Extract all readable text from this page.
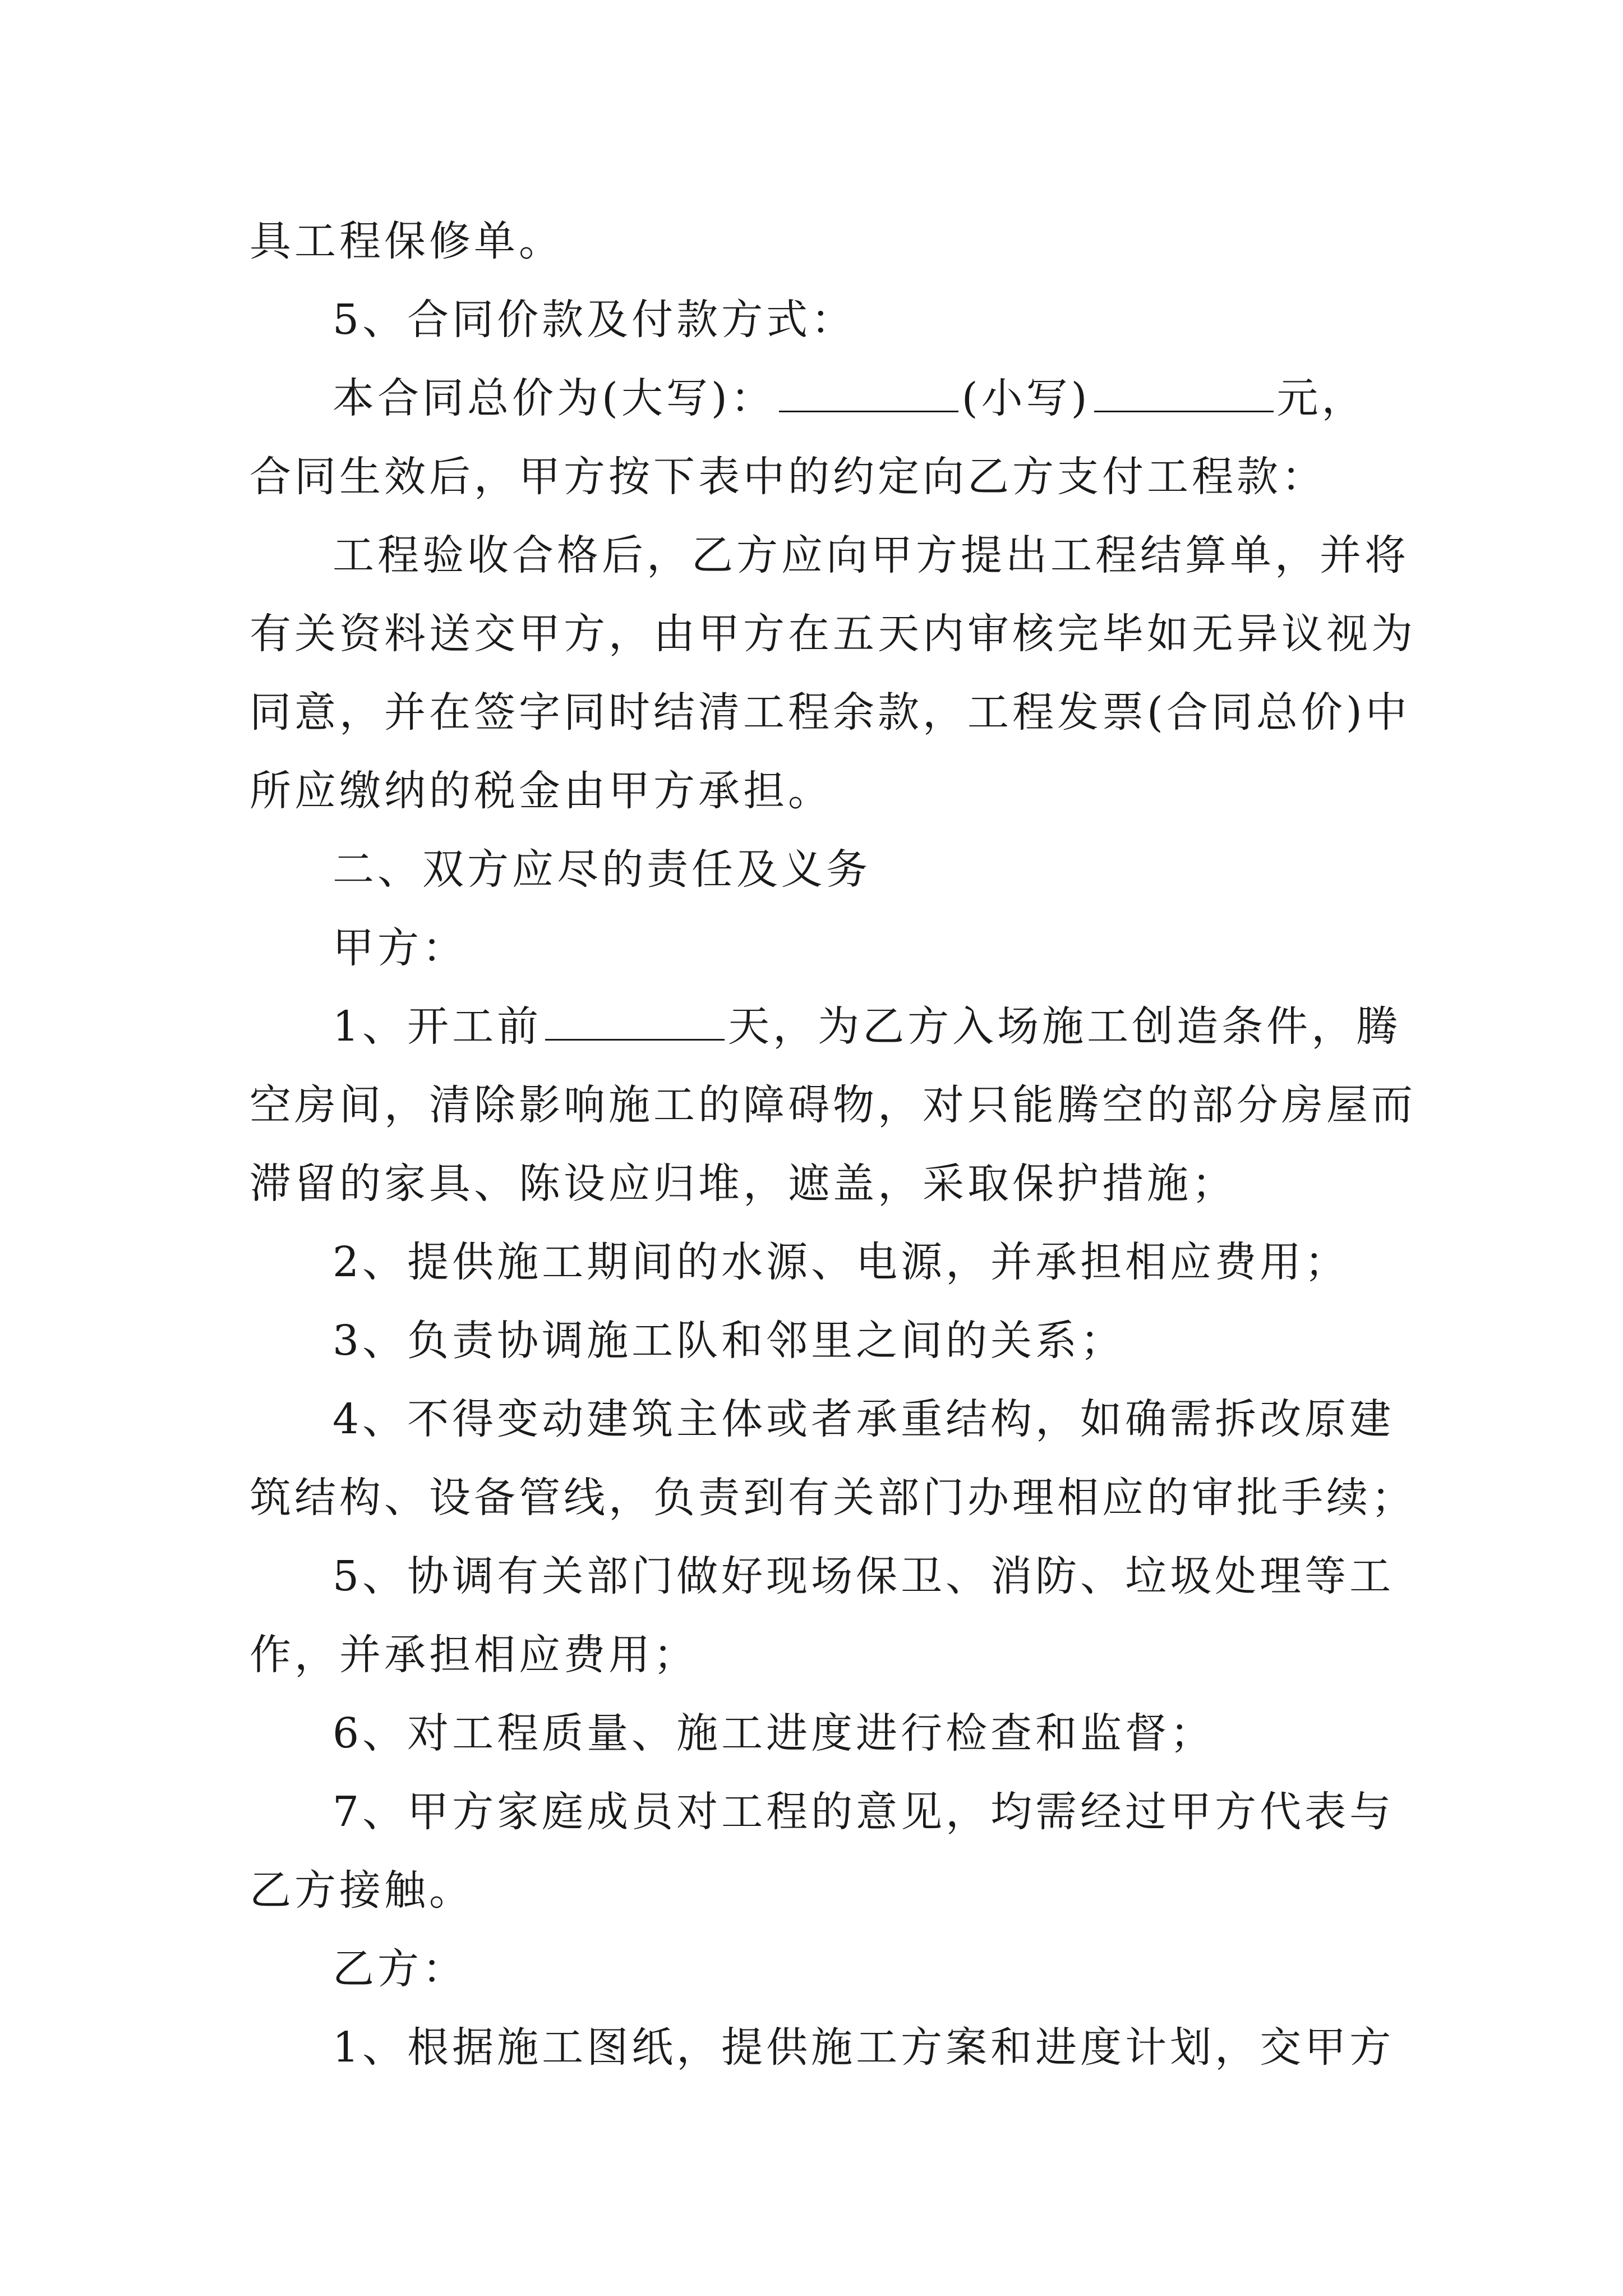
具工程保修单。
5、合同价款及付款方式：
本合同总价为(大写)：	(小写)	元，
合同生效后，甲方按下表中的约定向乙方支付工程款：
工程验收合格后，乙方应向甲方提出工程结算单，并将
有关资料送交甲方，由甲方在五天内审核完毕如无异议视为
同意，并在签字同时结清工程余款，工程发票(合同总价)中
所应缴纳的税金由甲方承担。
二、双方应尽的责任及义务
甲方：
1、开工前	天，为乙方入场施工创造条件，腾
空房间，清除影响施工的障碍物，对只能腾空的部分房屋而
滞留的家具、陈设应归堆，遮盖，采取保护措施；
2、提供施工期间的水源、电源，并承担相应费用；
3、负责协调施工队和邻里之间的关系；
4、不得变动建筑主体或者承重结构，如确需拆改原建
筑结构、设备管线，负责到有关部门办理相应的审批手续；
5、协调有关部门做好现场保卫、消防、垃圾处理等工
作，并承担相应费用；
6、对工程质量、施工进度进行检查和监督；
7、甲方家庭成员对工程的意见，均需经过甲方代表与
乙方接触。
乙方：
1、根据施工图纸，提供施工方案和进度计划，交甲方
